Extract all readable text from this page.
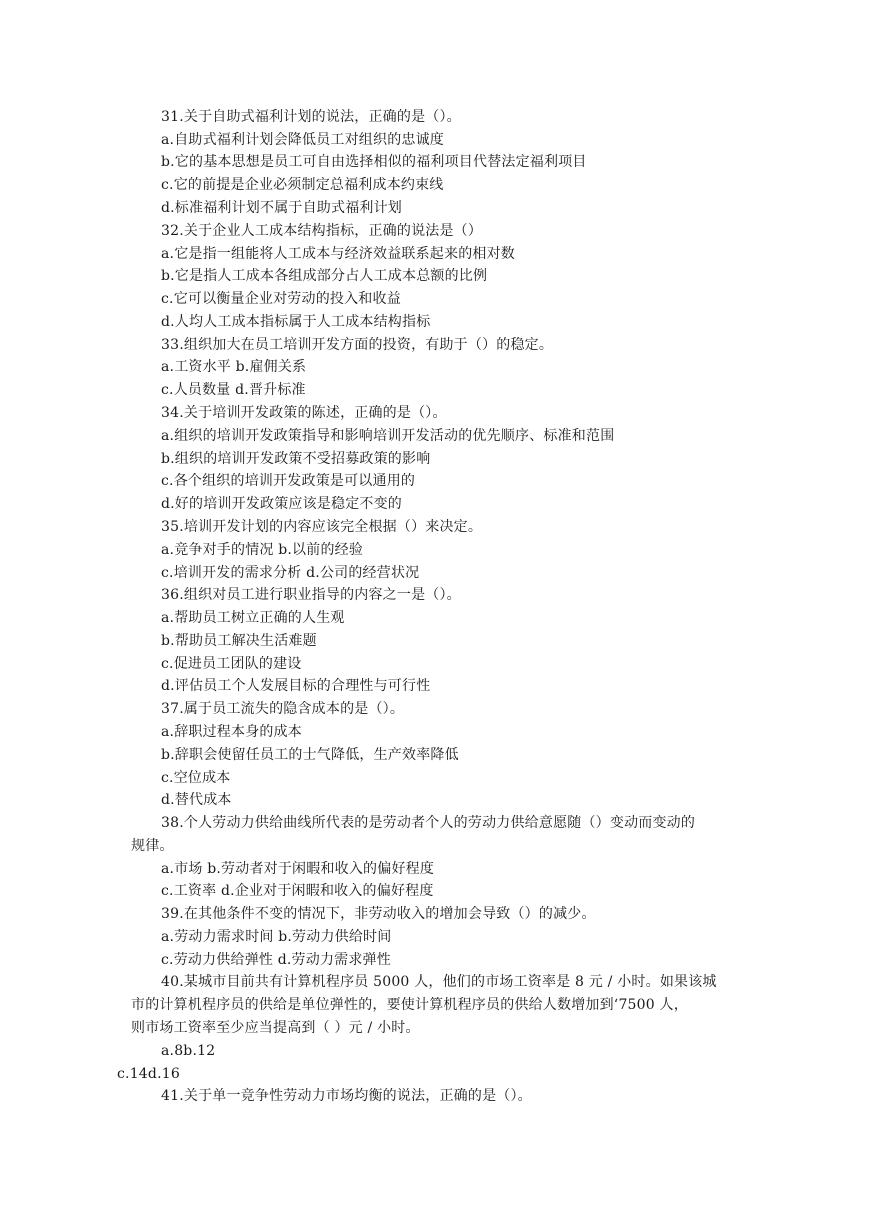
31.关于自助式福利计划的说法，正确的是（）。
a.自助式福利计划会降低员工对组织的忠诚度
b.它的基本思想是员工可自由选择相似的福利项目代替法定福利项目
c.它的前提是企业必须制定总福利成本约束线
d.标准福利计划不属于自助式福利计划
32.关于企业人工成本结构指标，正确的说法是（）
a.它是指一组能将人工成本与经济效益联系起来的相对数
b.它是指人工成本各组成部分占人工成本总额的比例
c.它可以衡量企业对劳动的投入和收益
d.人均人工成本指标属于人工成本结构指标
33.组织加大在员工培训开发方面的投资，有助于（）的稳定。
a.工资水平 b.雇佣关系
c.人员数量 d.晋升标准
34.关于培训开发政策的陈述，正确的是（）。
a.组织的培训开发政策指导和影响培训开发活动的优先顺序、标准和范围
b.组织的培训开发政策不受招募政策的影响
c.各个组织的培训开发政策是可以通用的
d.好的培训开发政策应该是稳定不变的
35.培训开发计划的内容应该完全根据（）来决定。
a.竞争对手的情况 b.以前的经验
c.培训开发的需求分析 d.公司的经营状况
36.组织对员工进行职业指导的内容之一是（）。
a.帮助员工树立正确的人生观
b.帮助员工解决生活难题
c.促进员工团队的建设
d.评估员工个人发展目标的合理性与可行性
37.属于员工流失的隐含成本的是（）。
a.辞职过程本身的成本
b.辞职会使留任员工的士气降低，生产效率降低
c.空位成本
d.替代成本
38.个人劳动力供给曲线所代表的是劳动者个人的劳动力供给意愿随（）变动而变动的
规律。
a.市场 b.劳动者对于闲暇和收入的偏好程度
c.工资率 d.企业对于闲暇和收入的偏好程度
39.在其他条件不变的情况下，非劳动收入的增加会导致（）的减少。
a.劳动力需求时间 b.劳动力供给时间
c.劳动力供给弹性 d.劳动力需求弹性
40.某城市目前共有计算机程序员 5000 人，他们的市场工资率是 8 元 / 小时。如果该城
市的计算机程序员的供给是单位弹性的，要使计算机程序员的供给人数增加到‘7500 人，
则市场工资率至少应当提高到（ ）元 / 小时。
a.8b.12
c.14d.16
41.关于单一竞争性劳动力市场均衡的说法，正确的是（）。
